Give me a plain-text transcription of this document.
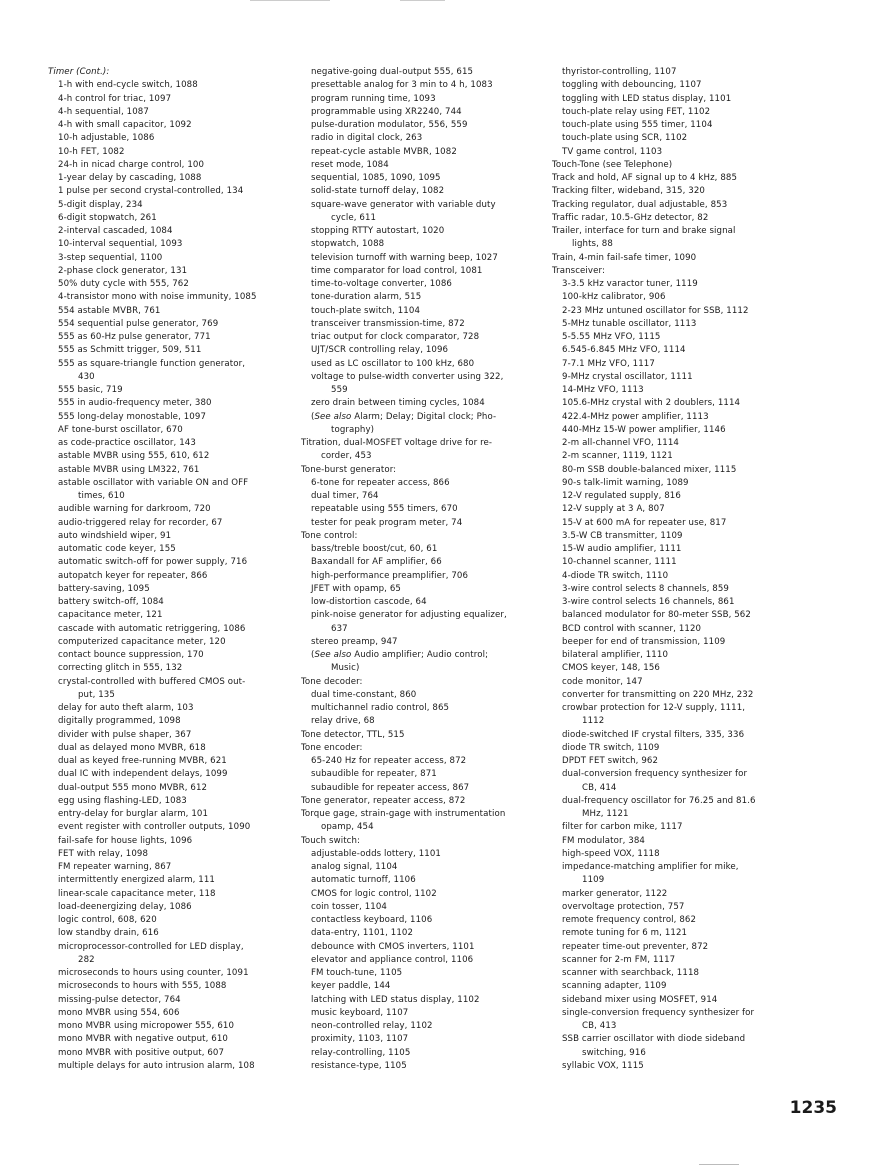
Timer (Cont.):
1-h with end-cycle switch, 1088
4-h control for triac, 1097
4-h sequential, 1087
4-h with small capacitor, 1092
10-h adjustable, 1086
10-h FET, 1082
24-h in nicad charge control, 100
1-year delay by cascading, 1088
1 pulse per second crystal-controlled, 134
5-digit display, 234
6-digit stopwatch, 261
2-interval cascaded, 1084
10-interval sequential, 1093
3-step sequential, 1100
2-phase clock generator, 131
50% duty cycle with 555, 762
4-transistor mono with noise immunity, 1085
554 astable MVBR, 761
554 sequential pulse generator, 769
555 as 60-Hz pulse generator, 771
555 as Schmitt trigger, 509, 511
555 as square-triangle function generator,
430
555 basic, 719
555 in audio-frequency meter, 380
555 long-delay monostable, 1097
AF tone-burst oscillator, 670
as code-practice oscillator, 143
astable MVBR using 555, 610, 612
astable MVBR using LM322, 761
astable oscillator with variable ON and OFF
times, 610
audible warning for darkroom, 720
audio-triggered relay for recorder, 67
auto windshield wiper, 91
automatic code keyer, 155
automatic switch-off for power supply, 716
autopatch keyer for repeater, 866
battery-saving, 1095
battery switch-off, 1084
capacitance meter, 121
cascade with automatic retriggering, 1086
computerized capacitance meter, 120
contact bounce suppression, 170
correcting glitch in 555, 132
crystal-controlled with buffered CMOS out-
put, 135
delay for auto theft alarm, 103
digitally programmed, 1098
divider with pulse shaper, 367
dual as delayed mono MVBR, 618
dual as keyed free-running MVBR, 621
dual IC with independent delays, 1099
dual-output 555 mono MVBR, 612
egg using flashing-LED, 1083
entry-delay for burglar alarm, 101
event register with controller outputs, 1090
fail-safe for house lights, 1096
FET with relay, 1098
FM repeater warning, 867
intermittently energized alarm, 111
linear-scale capacitance meter, 118
load-deenergizing delay, 1086
logic control, 608, 620
low standby drain, 616
microprocessor-controlled for LED display,
282
microseconds to hours using counter, 1091
microseconds to hours with 555, 1088
missing-pulse detector, 764
mono MVBR using 554, 606
mono MVBR using micropower 555, 610
mono MVBR with negative output, 610
mono MVBR with positive output, 607
multiple delays for auto intrusion alarm, 108
negative-going dual-output 555, 615
presettable analog for 3 min to 4 h, 1083
program running time, 1093
programmable using XR2240, 744
pulse-duration modulator, 556, 559
radio in digital clock, 263
repeat-cycle astable MVBR, 1082
reset mode, 1084
sequential, 1085, 1090, 1095
solid-state turnoff delay, 1082
square-wave generator with variable duty
cycle, 611
stopping RTTY autostart, 1020
stopwatch, 1088
television turnoff with warning beep, 1027
time comparator for load control, 1081
time-to-voltage converter, 1086
tone-duration alarm, 515
touch-plate switch, 1104
transceiver transmission-time, 872
triac output for clock comparator, 728
UJT/SCR controlling relay, 1096
used as LC oscillator to 100 kHz, 680
voltage to pulse-width converter using 322,
559
zero drain between timing cycles, 1084
(See also Alarm; Delay; Digital clock; Pho-
tography)
Titration, dual-MOSFET voltage drive for re-
corder, 453
Tone-burst generator:
6-tone for repeater access, 866
dual timer, 764
repeatable using 555 timers, 670
tester for peak program meter, 74
Tone control:
bass/treble boost/cut, 60, 61
Baxandall for AF amplifier, 66
high-performance preamplifier, 706
JFET with opamp, 65
low-distortion cascode, 64
pink-noise generator for adjusting equalizer,
637
stereo preamp, 947
(See also Audio amplifier; Audio control;
Music)
Tone decoder:
dual time-constant, 860
multichannel radio control, 865
relay drive, 68
Tone detector, TTL, 515
Tone encoder:
65-240 Hz for repeater access, 872
subaudible for repeater, 871
subaudible for repeater access, 867
Tone generator, repeater access, 872
Torque gage, strain-gage with instrumentation
opamp, 454
Touch switch:
adjustable-odds lottery, 1101
analog signal, 1104
automatic turnoff, 1106
CMOS for logic control, 1102
coin tosser, 1104
contactless keyboard, 1106
data-entry, 1101, 1102
debounce with CMOS inverters, 1101
elevator and appliance control, 1106
FM touch-tune, 1105
keyer paddle, 144
latching with LED status display, 1102
music keyboard, 1107
neon-controlled relay, 1102
proximity, 1103, 1107
relay-controlling, 1105
resistance-type, 1105
thyristor-controlling, 1107
toggling with debouncing, 1107
toggling with LED status display, 1101
touch-plate relay using FET, 1102
touch-plate using 555 timer, 1104
touch-plate using SCR, 1102
TV game control, 1103
Touch-Tone (see Telephone)
Track and hold, AF signal up to 4 kHz, 885
Tracking filter, wideband, 315, 320
Tracking regulator, dual adjustable, 853
Traffic radar, 10.5-GHz detector, 82
Trailer, interface for turn and brake signal
lights, 88
Train, 4-min fail-safe timer, 1090
Transceiver:
3-3.5 kHz varactor tuner, 1119
100-kHz calibrator, 906
2-23 MHz untuned oscillator for SSB, 1112
5-MHz tunable oscillator, 1113
5-5.55 MHz VFO, 1115
6.545-6.845 MHz VFO, 1114
7-7.1 MHz VFO, 1117
9-MHz crystal oscillator, 1111
14-MHz VFO, 1113
105.6-MHz crystal with 2 doublers, 1114
422.4-MHz power amplifier, 1113
440-MHz 15-W power amplifier, 1146
2-m all-channel VFO, 1114
2-m scanner, 1119, 1121
80-m SSB double-balanced mixer, 1115
90-s talk-limit warning, 1089
12-V regulated supply, 816
12-V supply at 3 A, 807
15-V at 600 mA for repeater use, 817
3.5-W CB transmitter, 1109
15-W audio amplifier, 1111
10-channel scanner, 1111
4-diode TR switch, 1110
3-wire control selects 8 channels, 859
3-wire control selects 16 channels, 861
balanced modulator for 80-meter SSB, 562
BCD control with scanner, 1120
beeper for end of transmission, 1109
bilateral amplifier, 1110
CMOS keyer, 148, 156
code monitor, 147
converter for transmitting on 220 MHz, 232
crowbar protection for 12-V supply, 1111,
1112
diode-switched IF crystal filters, 335, 336
diode TR switch, 1109
DPDT FET switch, 962
dual-conversion frequency synthesizer for
CB, 414
dual-frequency oscillator for 76.25 and 81.6
MHz, 1121
filter for carbon mike, 1117
FM modulator, 384
high-speed VOX, 1118
impedance-matching amplifier for mike,
1109
marker generator, 1122
overvoltage protection, 757
remote frequency control, 862
remote tuning for 6 m, 1121
repeater time-out preventer, 872
scanner for 2-m FM, 1117
scanner with searchback, 1118
scanning adapter, 1109
sideband mixer using MOSFET, 914
single-conversion frequency synthesizer for
CB, 413
SSB carrier oscillator with diode sideband
switching, 916
syllabic VOX, 1115
1235
